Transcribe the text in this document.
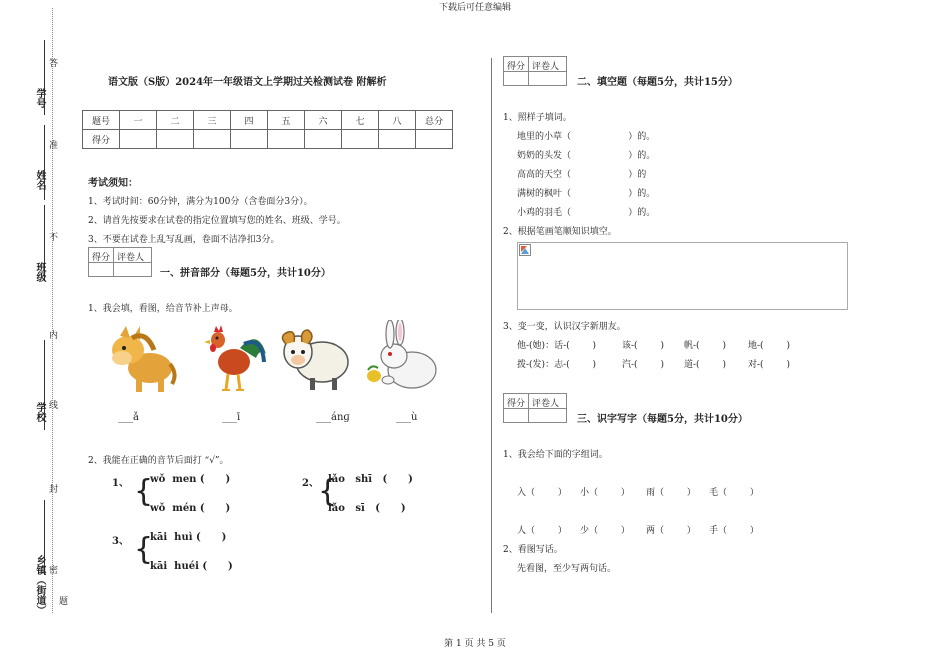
下载后可任意编辑
第 1 页 共 5 页
答
准
不
内
线
封
密
题
学号
姓名
班级
学校
乡镇（街道）
语文版（S版）2024年一年级语文上学期过关检测试卷 附解析
题号	一	二	三	四	五	六	七	八	总分
得分									
考试须知：
1、考试时间：60分钟，满分为100分（含卷面分3分）。
2、请首先按要求在试卷的指定位置填写您的姓名、班级、学号。
3、不要在试卷上乱写乱画，卷面不洁净扣3分。
得分 评卷人
一、拼音部分（每题5分，共计10分）
1、我会填，看图，给音节补上声母。
___ǎ	___ī	___ánɡ	___ù
2、我能在正确的音节后面打 “√”。
1、 {
wǒ  men (      )
wǒ  mén (      )
2、 {
lǎo   shī   (      )
lǎo   sī   (      )
3、 {
kāi  huì (      )
kāi  huéi (      )
得分 评卷人
二、填空题（每题5分，共计15分）
1、照样子填词。
地里的小草（                    ）的。
奶奶的头发（                    ）的。
高高的天空（                    ）的
满树的枫叶（                    ）的。
小鸡的羽毛（                    ）的。
2、根据笔画笔顺知识填空。
3、变一变，认识汉字新朋友。
他-(她)：话-(        )	该-(        ) 帆-(        ) 地-(        )
拨-(发)：志-(        )	汽-(        ) 道-(        ) 对-(        )
得分 评卷人
三、识字写字（每题5分，共计10分）
1、我会给下面的字组词。
入（        ） 小（        ） 雨（        ） 毛（        ）
人（        ） 少（        ） 两（        ） 手（        ）
2、看图写话。
先看图，至少写两句话。
